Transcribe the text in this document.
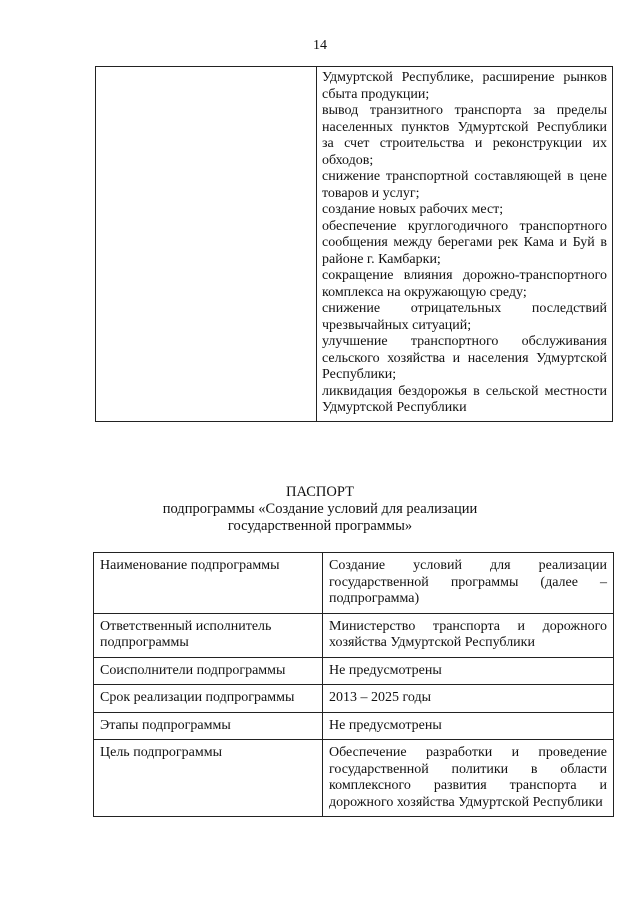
14

Удмуртской Республике, расширение рынков сбыта продукции;
вывод транзитного транспорта за пределы населенных пунктов Удмуртской Республики за счет строительства и реконструкции их обходов;
снижение транспортной составляющей в цене товаров и услуг;
создание новых рабочих мест;
обеспечение круглогодичного транспортного сообщения между берегами рек Кама и Буй в районе г. Камбарки;
сокращение влияния дорожно-транспортного комплекса на окружающую среду;
снижение отрицательных последствий чрезвычайных ситуаций;
улучшение транспортного обслуживания сельского хозяйства и населения Удмуртской Республики;
ликвидация бездорожья в сельской местности Удмуртской Республики
ПАСПОРТ
подпрограммы «Создание условий для реализации
государственной программы»
Наименование подпрограммы	Создание условий для реализации государственной программы (далее – подпрограмма)
Ответственный исполнитель подпрограммы	Министерство транспорта и дорожного хозяйства Удмуртской Республики
Соисполнители подпрограммы	Не предусмотрены
Срок реализации подпрограммы	2013 – 2025 годы
Этапы подпрограммы	Не предусмотрены
Цель подпрограммы	Обеспечение разработки и проведение государственной политики в области комплексного развития транспорта и дорожного хозяйства Удмуртской Республики
